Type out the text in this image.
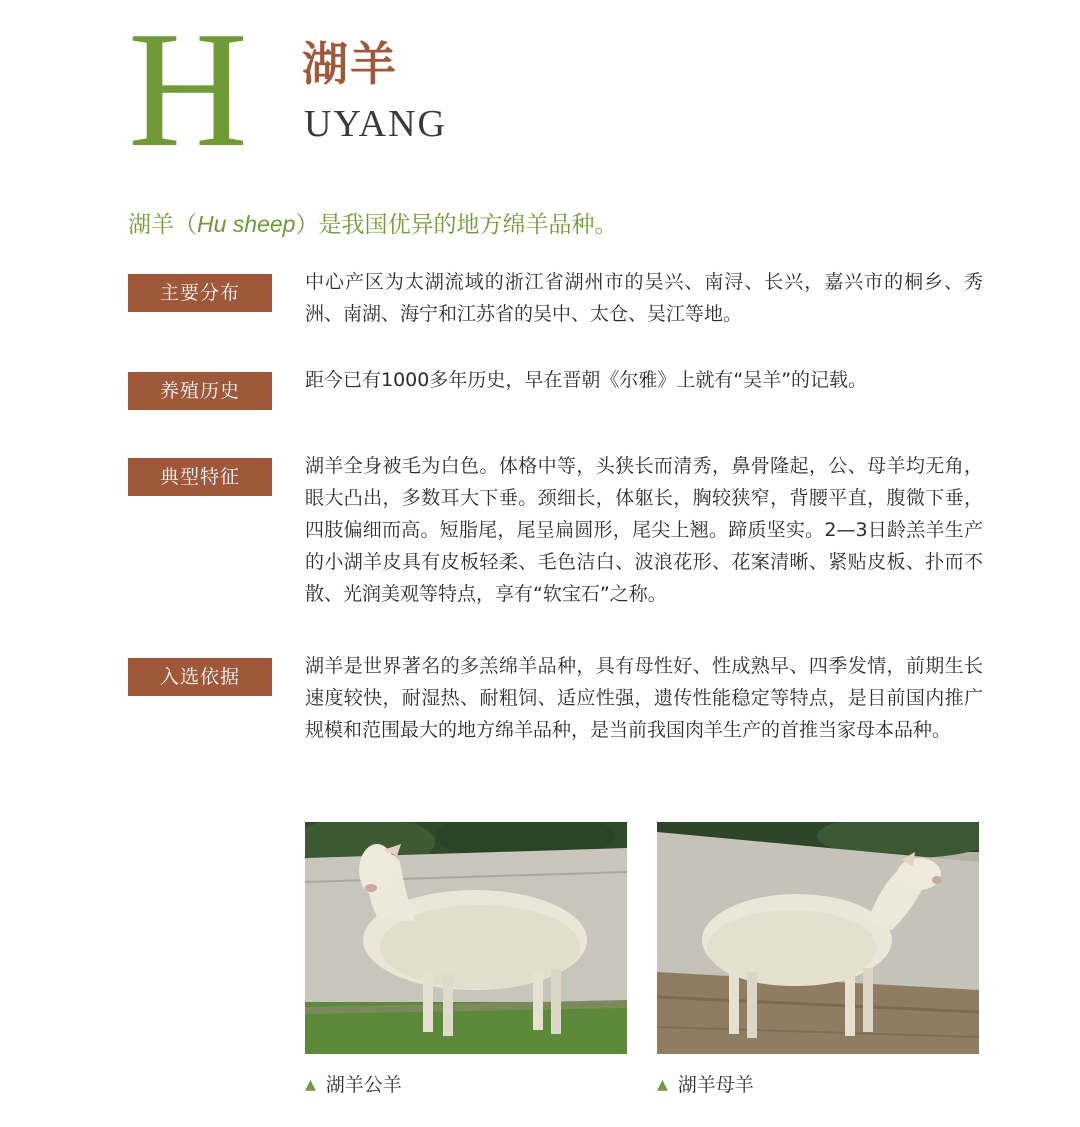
H 湖羊
UYANG
湖羊（Hu sheep）是我国优异的地方绵羊品种。
主要分布	中心产区为太湖流域的浙江省湖州市的吴兴、南浔、长兴，嘉兴市的桐乡、秀洲、南湖、海宁和江苏省的吴中、太仓、吴江等地。
养殖历史	距今已有1000多年历史，早在晋朝《尔雅》上就有“吴羊”的记载。
典型特征	湖羊全身被毛为白色。体格中等，头狭长而清秀，鼻骨隆起，公、母羊均无角，眼大凸出，多数耳大下垂。颈细长，体躯长，胸较狭窄，背腰平直，腹微下垂，四肢偏细而高。短脂尾，尾呈扁圆形，尾尖上翘。蹄质坚实。2—3日龄羔羊生产的小湖羊皮具有皮板轻柔、毛色洁白、波浪花形、花案清晰、紧贴皮板、扑而不散、光润美观等特点，享有“软宝石”之称。
入选依据	湖羊是世界著名的多羔绵羊品种，具有母性好、性成熟早、四季发情，前期生长速度较快，耐湿热、耐粗饲、适应性强，遗传性能稳定等特点，是目前国内推广规模和范围最大的地方绵羊品种，是当前我国肉羊生产的首推当家母本品种。
▲ 湖羊公羊	▲ 湖羊母羊
